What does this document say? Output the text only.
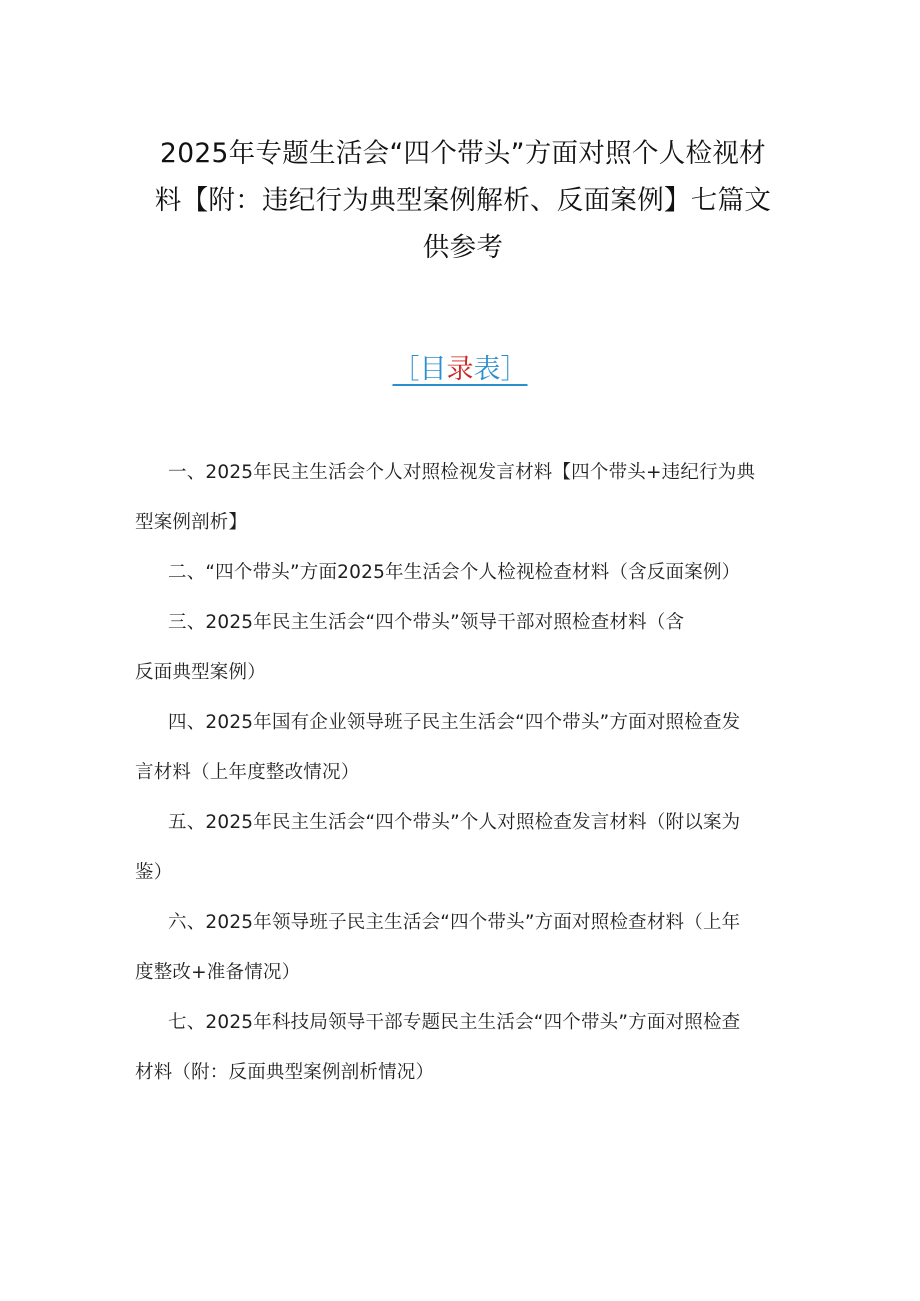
2025年专题生活会“四个带头”方面对照个人检视材
料【附：违纪行为典型案例解析、反面案例】七篇文
供参考
［目录表］
一、2025年民主生活会个人对照检视发言材料【四个带头+违纪行为典
型案例剖析】
二、“四个带头”方面2025年生活会个人检视检查材料（含反面案例）
三、2025年民主生活会“四个带头”领导干部对照检查材料（含
反面典型案例）
四、2025年国有企业领导班子民主生活会“四个带头”方面对照检查发
言材料（上年度整改情况）
五、2025年民主生活会“四个带头”个人对照检查发言材料（附以案为
鉴）
六、2025年领导班子民主生活会“四个带头”方面对照检查材料（上年
度整改+准备情况）
七、2025年科技局领导干部专题民主生活会“四个带头”方面对照检查
材料（附：反面典型案例剖析情况）
